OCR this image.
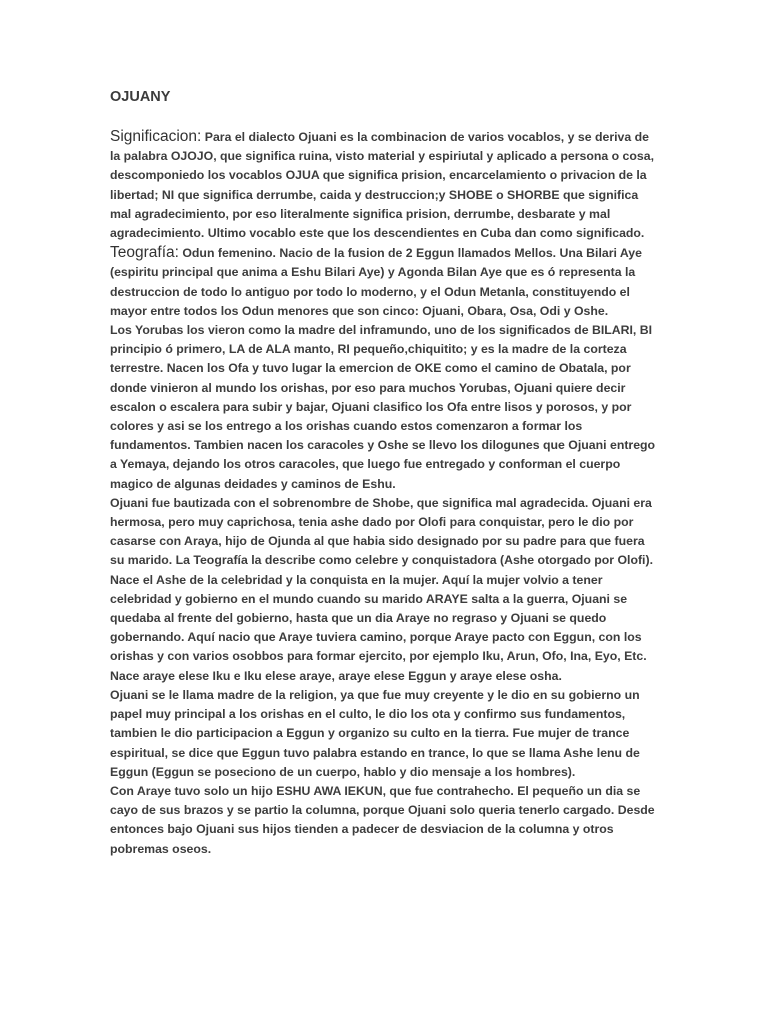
OJUANY

Significacion: Para el dialecto Ojuani es la combinacion de varios vocablos, y se deriva de la palabra OJOJO, que significa ruina, visto material y espiriutal y aplicado a persona o cosa, descomponiedo los vocablos OJUA que significa prision, encarcelamiento o privacion de la libertad; NI que significa derrumbe, caida y destruccion;y SHOBE o SHORBE que significa mal agradecimiento, por eso literalmente significa prision, derrumbe, desbarate y mal agradecimiento. Ultimo vocablo este que los descendientes en Cuba dan como significado.

Teografía: Odun femenino. Nacio de la fusion de 2 Eggun llamados Mellos. Una Bilari Aye (espiritu principal que anima a Eshu Bilari Aye) y Agonda Bilan Aye que es ó representa la destruccion de todo lo antiguo por todo lo moderno, y el Odun Metanla, constituyendo el mayor entre todos los Odun menores que son cinco: Ojuani, Obara, Osa, Odi y Oshe.

Los Yorubas los vieron como la madre del inframundo, uno de los significados de BILARI, BI principio ó primero, LA de ALA manto, RI pequeño,chiquitito; y es la madre de la corteza terrestre. Nacen los Ofa y tuvo lugar la emercion de OKE como el camino de Obatala, por donde vinieron al mundo los orishas, por eso para muchos Yorubas, Ojuani quiere decir escalon o escalera para subir y bajar, Ojuani clasifico los Ofa entre lisos y porosos, y por colores y asi se los entrego a los orishas cuando estos comenzaron a formar los fundamentos. Tambien nacen los caracoles y Oshe se llevo los dilogunes que Ojuani entrego a Yemaya, dejando los otros caracoles, que luego fue entregado y conforman el cuerpo magico de algunas deidades y caminos de Eshu.

Ojuani fue bautizada con el sobrenombre de Shobe, que significa mal agradecida. Ojuani era hermosa, pero muy caprichosa, tenia ashe dado por Olofi para conquistar, pero le dio por casarse con Araya, hijo de Ojunda al que habia sido designado por su padre para que fuera su marido. La Teografía la describe como celebre y conquistadora (Ashe otorgado por Olofi). Nace el Ashe de la celebridad y la conquista en la mujer. Aquí la mujer volvio a tener celebridad y gobierno en el mundo cuando su marido ARAYE salta a la guerra, Ojuani se quedaba al frente del gobierno, hasta que un dia Araye no regraso y Ojuani se quedo gobernando. Aquí nacio que Araye tuviera camino, porque Araye pacto con Eggun, con los orishas y con varios osobbos para formar ejercito, por ejemplo Iku, Arun, Ofo, Ina, Eyo, Etc.

Nace araye elese Iku e Iku elese araye, araye elese Eggun y araye elese osha.

Ojuani se le llama madre de la religion, ya que fue muy creyente y le dio en su gobierno un papel muy principal a los orishas en el culto, le dio los ota y confirmo sus fundamentos, tambien le dio participacion a Eggun y organizo su culto en la tierra. Fue mujer de trance espiritual, se dice que Eggun tuvo palabra estando en trance, lo que se llama Ashe lenu de Eggun (Eggun se poseciono de un cuerpo, hablo y dio mensaje a los hombres).

Con Araye tuvo solo un hijo ESHU AWA IEKUN, que fue contrahecho. El pequeño un dia se cayo de sus brazos y se partio la columna, porque Ojuani solo queria tenerlo cargado. Desde entonces bajo Ojuani sus hijos tienden a padecer de desviacion de la columna y otros pobremas oseos.
